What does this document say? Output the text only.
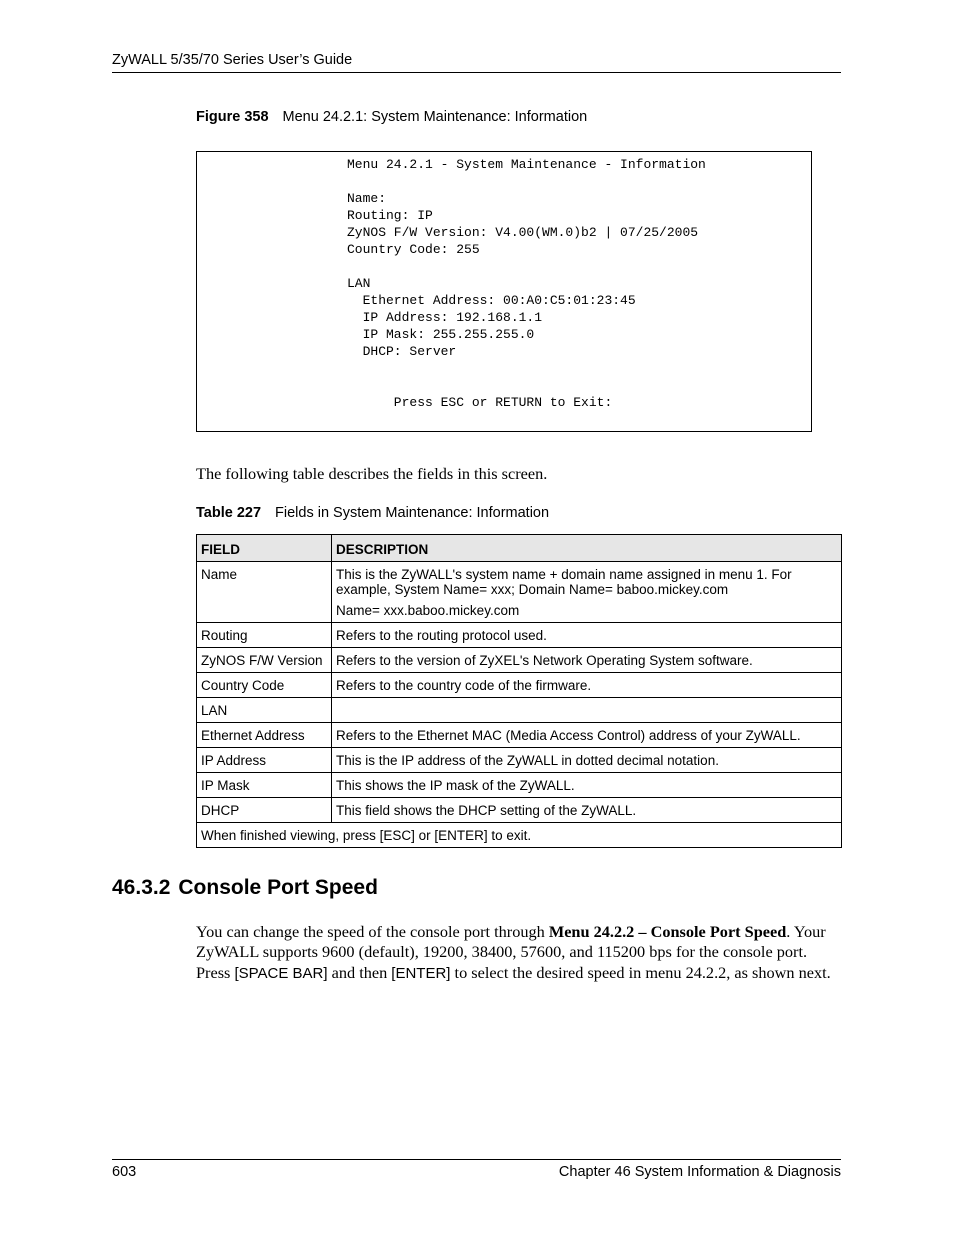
ZyWALL 5/35/70 Series User’s Guide
Figure 358 Menu 24.2.1: System Maintenance: Information
Menu 24.2.1 - System Maintenance - Information

Name:
Routing: IP
ZyNOS F/W Version: V4.00(WM.0)b2 | 07/25/2005
Country Code: 255

LAN
Ethernet Address: 00:A0:C5:01:23:45
IP Address: 192.168.1.1
IP Mask: 255.255.255.0
DHCP: Server

Press ESC or RETURN to Exit:
The following table describes the fields in this screen.
Table 227 Fields in System Maintenance: Information
FIELD	DESCRIPTION
Name	This is the ZyWALL's system name + domain name assigned in menu 1. For example, System Name= xxx; Domain Name= baboo.mickey.com
Name= xxx.baboo.mickey.com

Routing	Refers to the routing protocol used.

ZyNOS F/W Version	Refers to the version of ZyXEL's Network Operating System software.

Country Code	Refers to the country code of the firmware.

LAN	

Ethernet Address	Refers to the Ethernet MAC (Media Access Control) address of your ZyWALL.

IP Address	This is the IP address of the ZyWALL in dotted decimal notation.

IP Mask	This shows the IP mask of the ZyWALL.

DHCP	This field shows the DHCP setting of the ZyWALL.

When finished viewing, press [ESC] or [ENTER] to exit.	
46.3.2 Console Port Speed
You can change the speed of the console port through Menu 24.2.2 – Console Port Speed. Your ZyWALL supports 9600 (default), 19200, 38400, 57600, and 115200 bps for the console port. Press [SPACE BAR] and then [ENTER] to select the desired speed in menu 24.2.2, as shown next.
603	Chapter 46 System Information & Diagnosis
